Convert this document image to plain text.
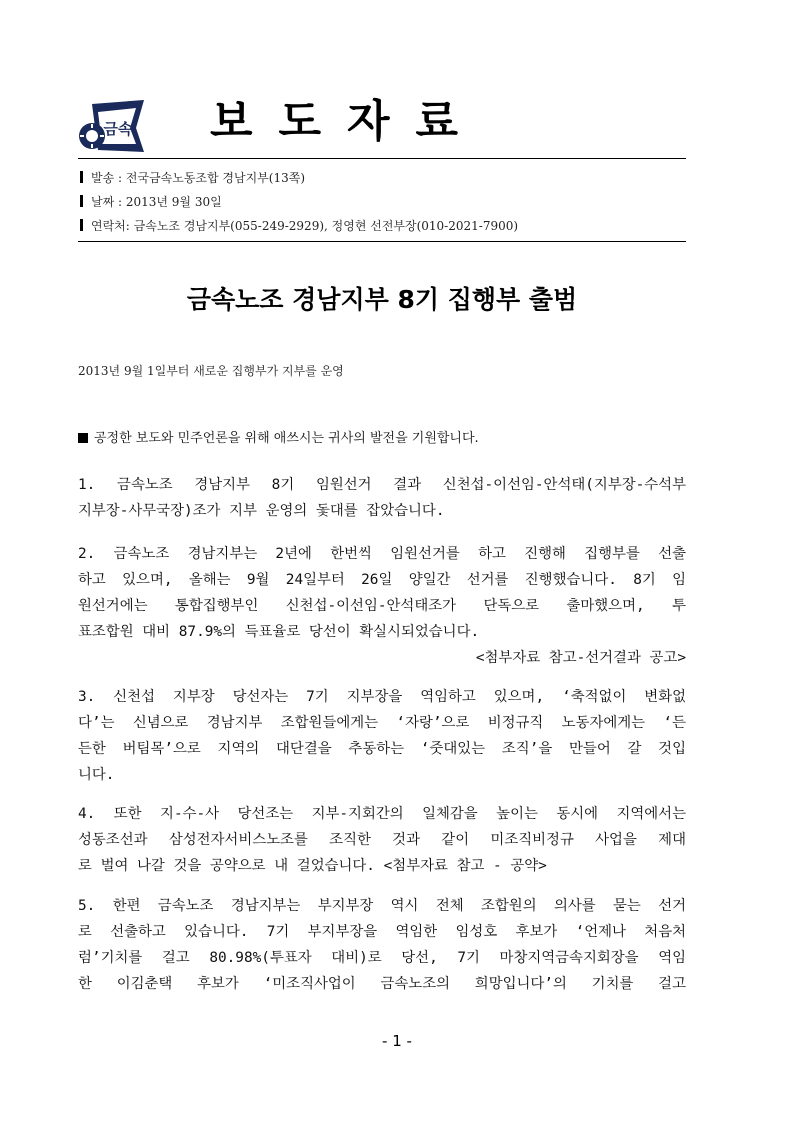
금속 보도자료
발송 : 전국금속노동조합 경남지부(13쪽)
날짜 : 2013년 9월 30일
연락처: 금속노조 경남지부(055-249-2929), 정영현 선전부장(010-2021-7900)
금속노조 경남지부 8기 집행부 출범
2013년 9월 1일부터 새로운 집행부가 지부를 운영
공정한 보도와 민주언론을 위해 애쓰시는 귀사의 발전을 기원합니다.
1. 금속노조 경남지부 8기 임원선거 결과 신천섭-이선임-안석태(지부장-수석부
지부장-사무국장)조가 지부 운영의 돛대를 잡았습니다.
2. 금속노조 경남지부는 2년에 한번씩 임원선거를 하고 진행해 집행부를 선출
하고 있으며, 올해는 9월 24일부터 26일 양일간 선거를 진행했습니다. 8기 임
원선거에는 통합집행부인 신천섭-이선임-안석태조가 단독으로 출마했으며, 투
표조합원 대비 87.9%의 득표율로 당선이 확실시되었습니다.
<첨부자료 참고-선거결과 공고>
3. 신천섭 지부장 당선자는 7기 지부장을 역임하고 있으며, ‘축적없이 변화없
다’는 신념으로 경남지부 조합원들에게는 ‘자랑’으로 비정규직 노동자에게는 ‘든
든한 버팀목’으로 지역의 대단결을 추동하는 ‘줏대있는 조직’을 만들어 갈 것입
니다.
4. 또한 지-수-사 당선조는 지부-지회간의 일체감을 높이는 동시에 지역에서는
성동조선과 삼성전자서비스노조를 조직한 것과 같이 미조직비정규 사업을 제대
로 벌여 나갈 것을 공약으로 내 걸었습니다. <첨부자료 참고 - 공약>
5. 한편 금속노조 경남지부는 부지부장 역시 전체 조합원의 의사를 묻는 선거
로 선출하고 있습니다. 7기 부지부장을 역임한 임성호 후보가 ‘언제나 처음처
럼’기치를 걸고 80.98%(투표자 대비)로 당선, 7기 마창지역금속지회장을 역임
한 이김춘택 후보가 ‘미조직사업이 금속노조의 희망입니다’의 기치를 걸고
- 1 -
